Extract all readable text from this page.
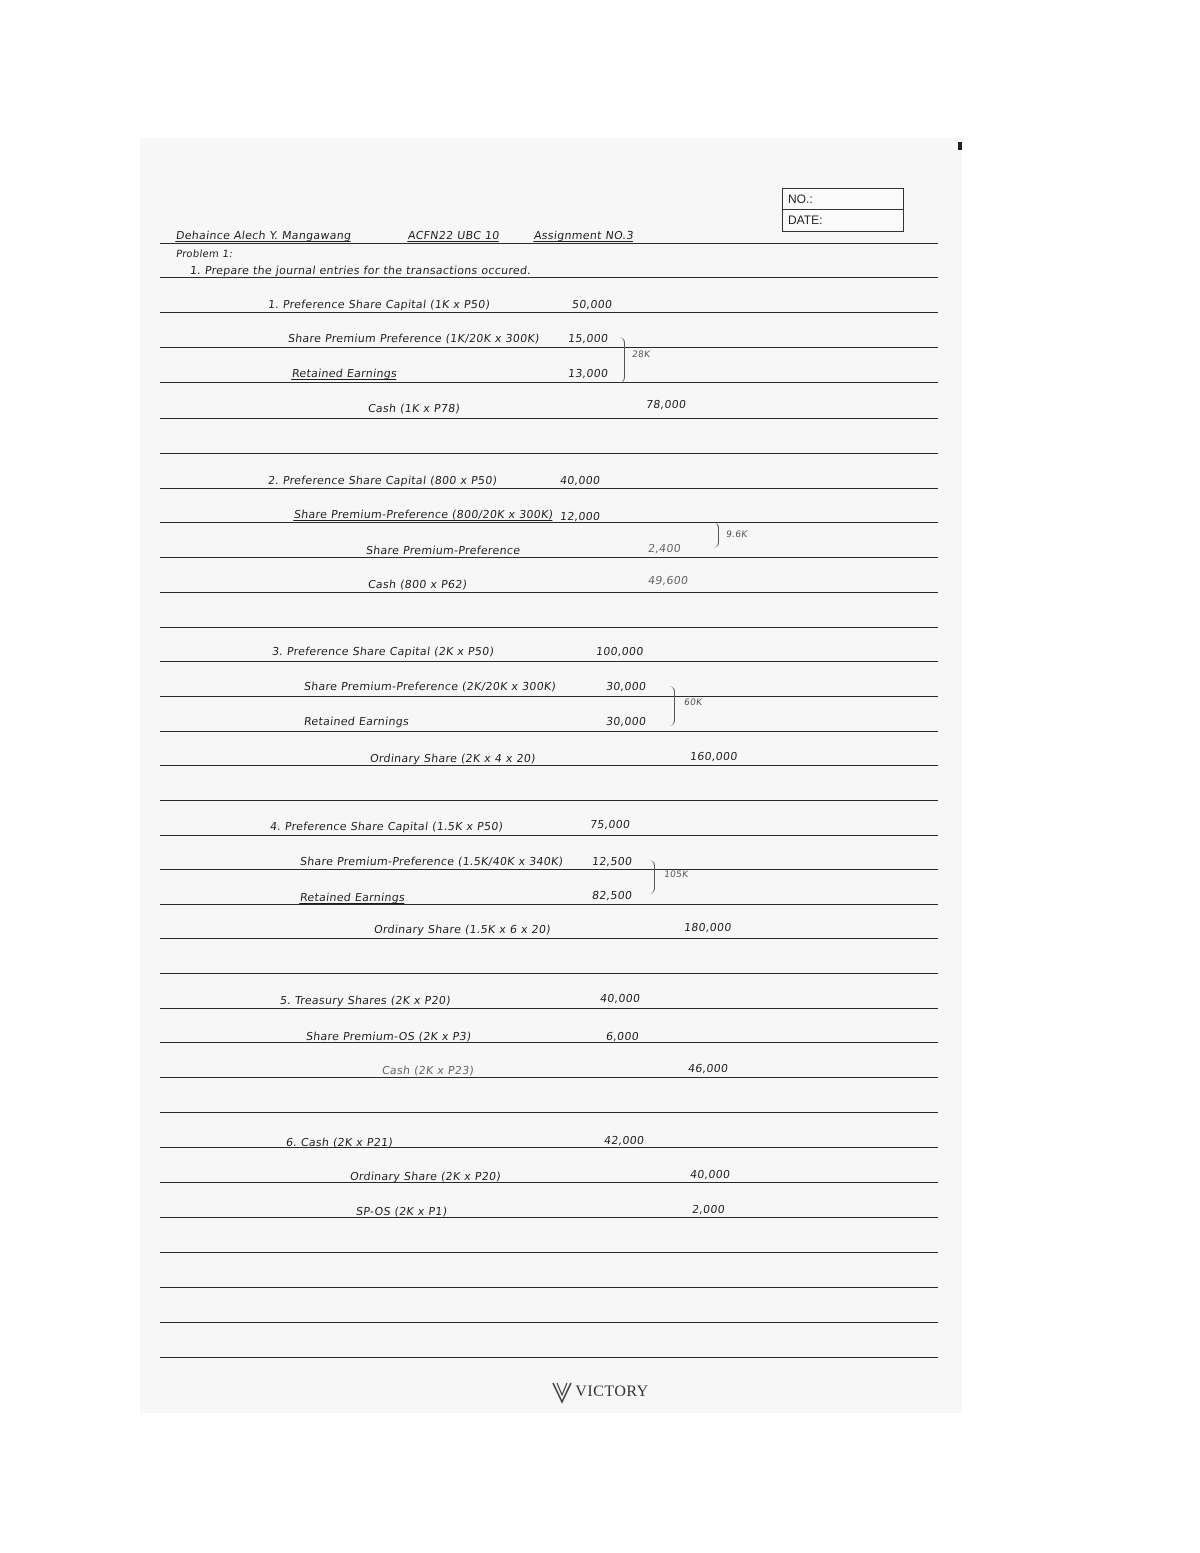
NO.:
DATE:
Dehaince Alech Y. Mangawang	ACFN22 UBC 10	Assignment NO.3
Problem 1:
1. Prepare the journal entries for the transactions occured.
1. Preference Share Capital (1K x P50)	50,000
Share Premium Preference (1K/20K x 300K) 15,000
Retained Earnings	13,000
Cash (1K x P78)	78,000
28K
2. Preference Share Capital (800 x P50)	40,000
Share Premium-Preference (800/20K x 300K) 12,000
Share Premium-Preference	2,400
Cash (800 x P62)	49,600
9.6K
3. Preference Share Capital (2K x P50)	100,000
Share Premium-Preference (2K/20K x 300K)	30,000
Retained Earnings	30,000
Ordinary Share (2K x 4 x 20)	160,000
60K
4. Preference Share Capital (1.5K x P50)	75,000
Share Premium-Preference (1.5K/40K x 340K) 12,500
Retained Earnings	82,500
Ordinary Share (1.5K x 6 x 20)	180,000
105K
5. Treasury Shares (2K x P20)	40,000
Share Premium-OS (2K x P3)	6,000
Cash (2K x P23)	46,000
6. Cash (2K x P21)	42,000
Ordinary Share (2K x P20)	40,000
SP-OS (2K x P1)	2,000
VICTORY
